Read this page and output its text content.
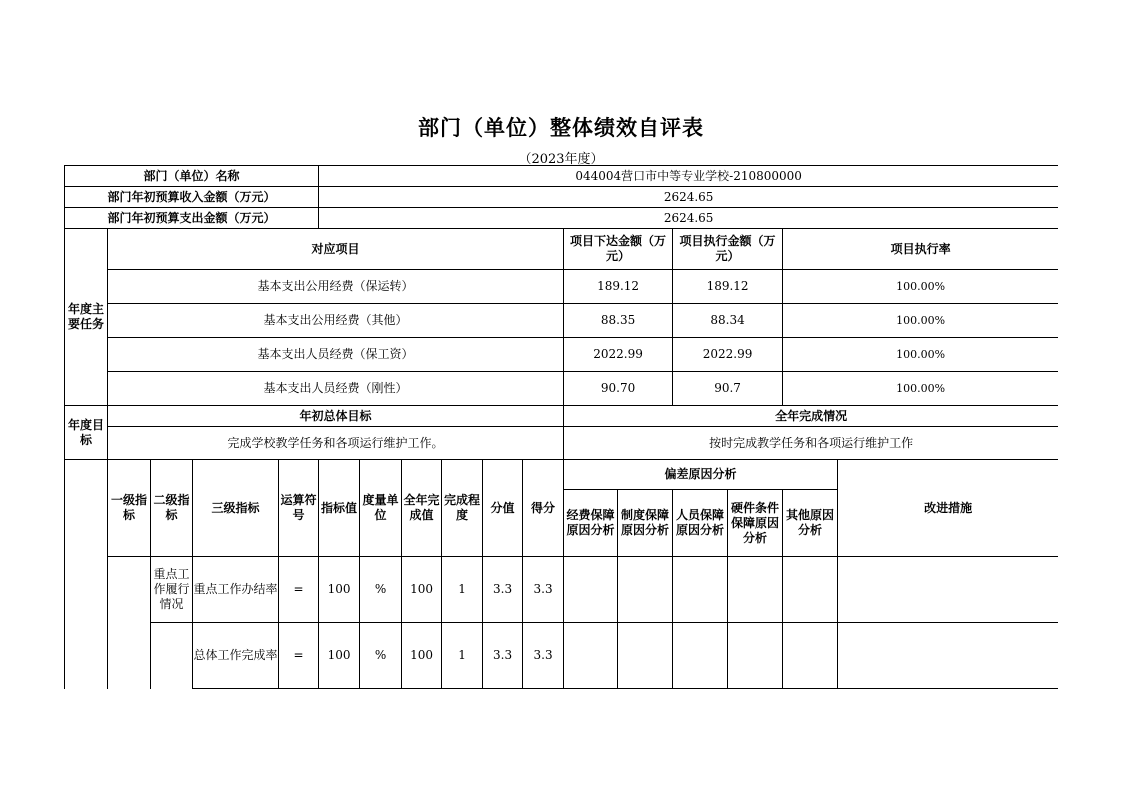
部门（单位）整体绩效自评表
（2023年度）
部门（单位）名称					044004营口市中等专业学校-210800000												
部门年初预算收入金额（万元）					2624.65												
部门年初预算支出金额（万元）					2624.65												
年度主要任务	对应项目										项目下达金额（万元）		项目执行金额（万元）		项目执行率	

	基本支出公用经费（保运转）										189.12		189.12		100.00%	

	基本支出公用经费（其他）										88.35		88.34		100.00%	

	基本支出人员经费（保工资）										2022.99		2022.99		100.00%	

	基本支出人员经费（刚性）										90.70		90.7		100.00%	

年度目标	年初总体目标										全年完成情况						
	完成学校教学任务和各项运行维护工作。										按时完成教学任务和各项运行维护工作						
	一级指标	二级指标	三级指标	运算符号	指标值	度量单位	全年完成值	完成程度	分值	得分	偏差原因分析					改进措施	
											经费保障原因分析	制度保障原因分析	人员保障原因分析	硬件条件保障原因分析	其他原因分析		
		重点工作履行情况	重点工作办结率	=	100	%	100	1	3.3	3.3							
			总体工作完成率	=	100	%	100	1	3.3	3.3							
